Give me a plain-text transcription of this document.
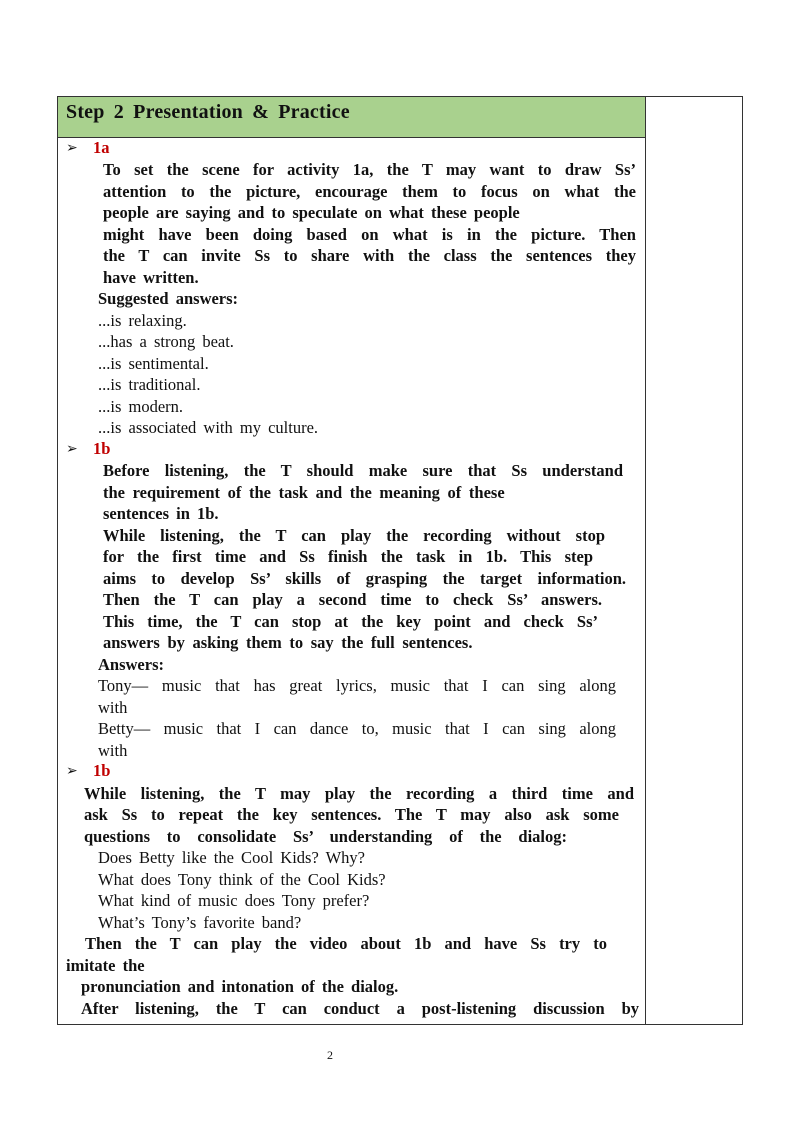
Step 2 Presentation & Practice
➢ 1a
To set the scene for activity 1a, the T may want to draw Ss’
attention to the picture, encourage them to focus on what the
people are saying and to speculate on what these people
might have been doing based on what is in the picture. Then
the T can invite Ss to share with the class the sentences they
have written.
Suggested answers:
...is relaxing.
...has a strong beat.
...is sentimental.
...is traditional.
...is modern.
...is associated with my culture.
➢ 1b
Before listening, the T should make sure that Ss understand
the requirement of the task and the meaning of these
sentences in 1b.
While listening, the T can play the recording without stop
for the first time and Ss finish the task in 1b. This step
aims to develop Ss’ skills of grasping the target information.
Then the T can play a second time to check Ss’ answers.
This time, the T can stop at the key point and check Ss’
answers by asking them to say the full sentences.
Answers:
Tony— music that has great lyrics, music that I can sing along
with
Betty— music that I can dance to, music that I can sing along
with
➢ 1b
While listening, the T may play the recording a third time and
ask Ss to repeat the key sentences. The T may also ask some
questions to consolidate Ss’ understanding of the dialog:
Does Betty like the Cool Kids? Why?
What does Tony think of the Cool Kids?
What kind of music does Tony prefer?
What’s Tony’s favorite band?
Then the T can play the video about 1b and have Ss try to
imitate the
pronunciation and intonation of the dialog.
After listening, the T can conduct a post-listening discussion by
2
